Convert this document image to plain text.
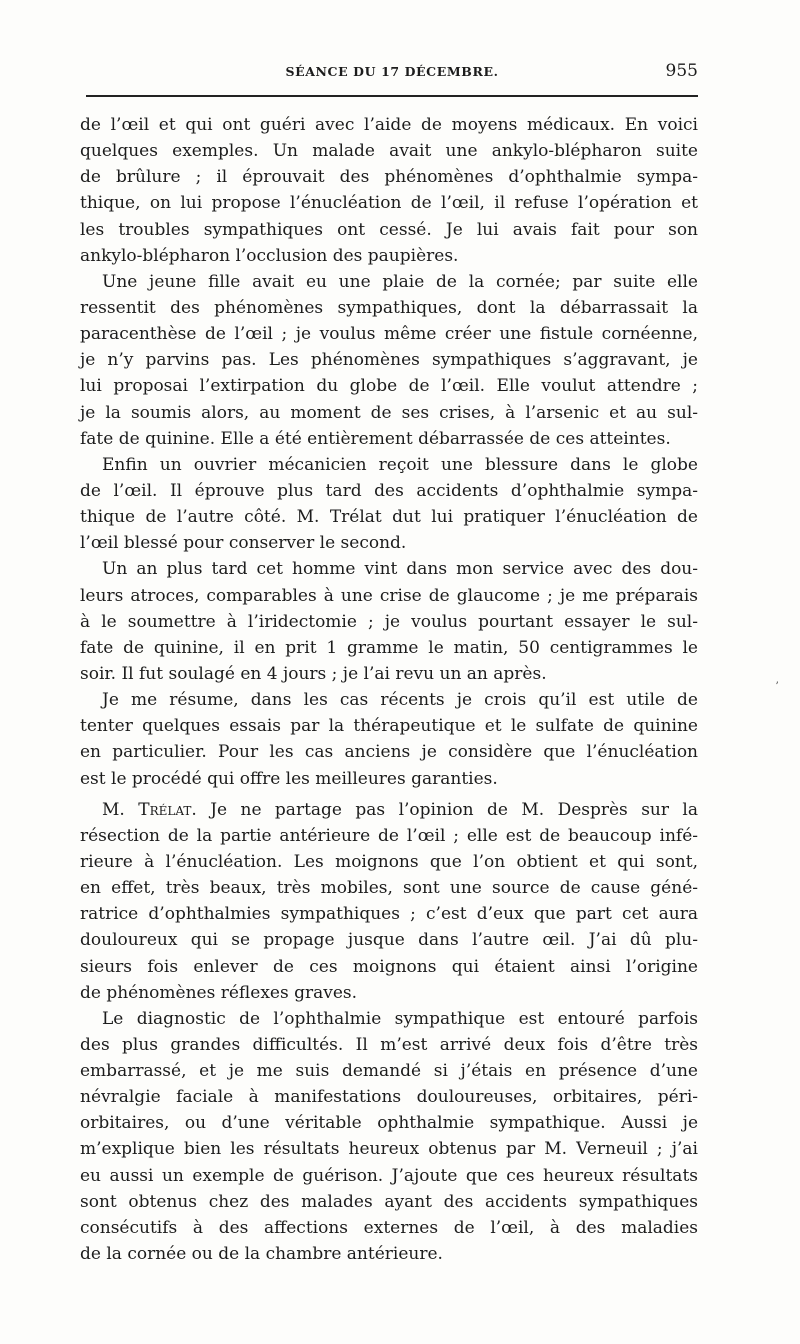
SÉANCE DU 17 DÉCEMBRE.	955
de l’œil et qui ont guéri avec l’aide de moyens médicaux. En voici
quelques exemples. Un malade avait une ankylo-blépharon suite
de brûlure ; il éprouvait des phénomènes d’ophthalmie sympa-
thique, on lui propose l’énucléation de l’œil, il refuse l’opération et
les troubles sympathiques ont cessé. Je lui avais fait pour son
ankylo-blépharon l’occlusion des paupières.
Une jeune fille avait eu une plaie de la cornée; par suite elle
ressentit des phénomènes sympathiques, dont la débarrassait la
paracenthèse de l’œil ; je voulus même créer une fistule cornéenne,
je n’y parvins pas. Les phénomènes sympathiques s’aggravant, je
lui proposai l’extirpation du globe de l’œil. Elle voulut attendre ;
je la soumis alors, au moment de ses crises, à l’arsenic et au sul-
fate de quinine. Elle a été entièrement débarrassée de ces atteintes.
Enfin un ouvrier mécanicien reçoit une blessure dans le globe
de l’œil. Il éprouve plus tard des accidents d’ophthalmie sympa-
thique de l’autre côté. M. Trélat dut lui pratiquer l’énucléation de
l’œil blessé pour conserver le second.
Un an plus tard cet homme vint dans mon service avec des dou-
leurs atroces, comparables à une crise de glaucome ; je me préparais
à le soumettre à l’iridectomie ; je voulus pourtant essayer le sul-
fate de quinine, il en prit 1 gramme le matin, 50 centigrammes le
soir. Il fut soulagé en 4 jours ; je l’ai revu un an après.
Je me résume, dans les cas récents je crois qu’il est utile de
tenter quelques essais par la thérapeutique et le sulfate de quinine
en particulier. Pour les cas anciens je considère que l’énucléation
est le procédé qui offre les meilleures garanties.
M. Trélat. Je ne partage pas l’opinion de M. Desprès sur la
résection de la partie antérieure de l’œil ; elle est de beaucoup infé-
rieure à l’énucléation. Les moignons que l’on obtient et qui sont,
en effet, très beaux, très mobiles, sont une source de cause géné-
ratrice d’ophthalmies sympathiques ; c’est d’eux que part cet aura
douloureux qui se propage jusque dans l’autre œil. J’ai dû plu-
sieurs fois enlever de ces moignons qui étaient ainsi l’origine
de phénomènes réflexes graves.
Le diagnostic de l’ophthalmie sympathique est entouré parfois
des plus grandes difficultés. Il m’est arrivé deux fois d’être très
embarrassé, et je me suis demandé si j’étais en présence d’une
névralgie faciale à manifestations douloureuses, orbitaires, péri-
orbitaires, ou d’une véritable ophthalmie sympathique. Aussi je
m’explique bien les résultats heureux obtenus par M. Verneuil ; j’ai
eu aussi un exemple de guérison. J’ajoute que ces heureux résultats
sont obtenus chez des malades ayant des accidents sympathiques
consécutifs à des affections externes de l’œil, à des maladies
de la cornée ou de la chambre antérieure.
ʼ
